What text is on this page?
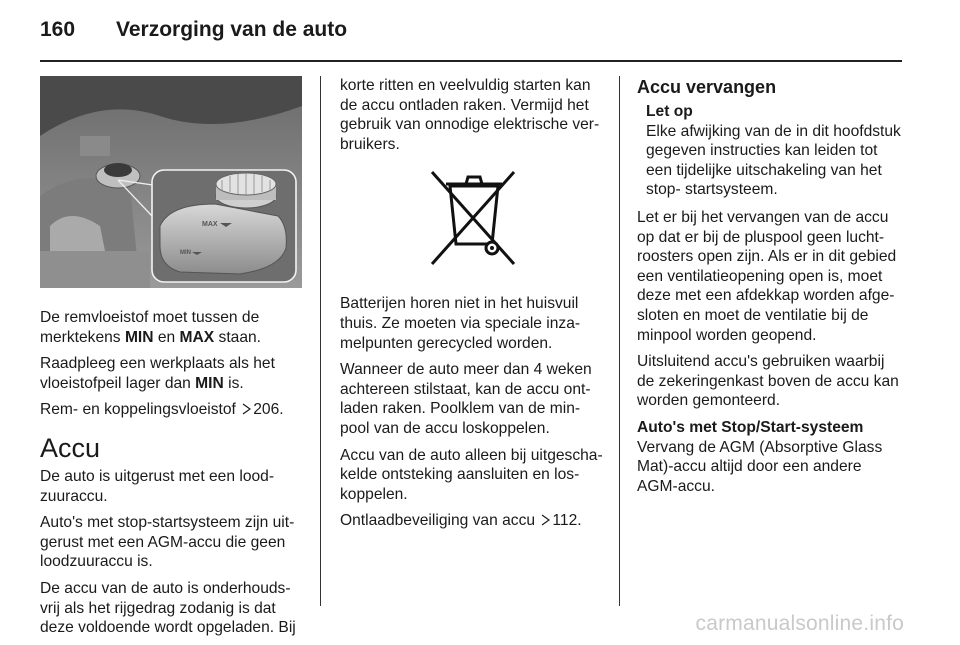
160 Verzorging van de auto
MAX
MIN

De remvloeistof moet tussen de merktekens MIN en MAX staan.

Raadpleeg een werkplaats als het vloeistofpeil lager dan MIN is.

Rem- en koppelingsvloeistof 206.

Accu

De auto is uitgerust met een lood-zuuraccu.

Auto's met stop-startsysteem zijn uit-gerust met een AGM-accu die geen loodzuuraccu is.

De accu van de auto is onderhouds-vrij als het rijgedrag zodanig is dat deze voldoende wordt opgeladen. Bij

korte ritten en veelvuldig starten kan de accu ontladen raken. Vermijd het gebruik van onnodige elektrische ver-bruikers.

Batterijen horen niet in het huisvuil thuis. Ze moeten via speciale inza-melpunten gerecycled worden.

Wanneer de auto meer dan 4 weken achtereen stilstaat, kan de accu ont-laden raken. Poolklem van de min-pool van de accu loskoppelen.

Accu van de auto alleen bij uitgescha-kelde ontsteking aansluiten en los-koppelen.

Ontlaadbeveiliging van accu 112.

Accu vervangen
Let op
Elke afwijking van de in dit hoofdstuk gegeven instructies kan leiden tot een tijdelijke uitschakeling van het stop- startsysteem.

Let er bij het vervangen van de accu op dat er bij de pluspool geen lucht-roosters open zijn. Als er in dit gebied een ventilatieopening open is, moet deze met een afdekkap worden afge-sloten en moet de ventilatie bij de minpool worden geopend.

Uitsluitend accu's gebruiken waarbij de zekeringenkast boven de accu kan worden gemonteerd.

Auto's met Stop/Start-systeem

Vervang de AGM (Absorptive Glass Mat)-accu altijd door een andere AGM-accu.

carmanualsonline.info
